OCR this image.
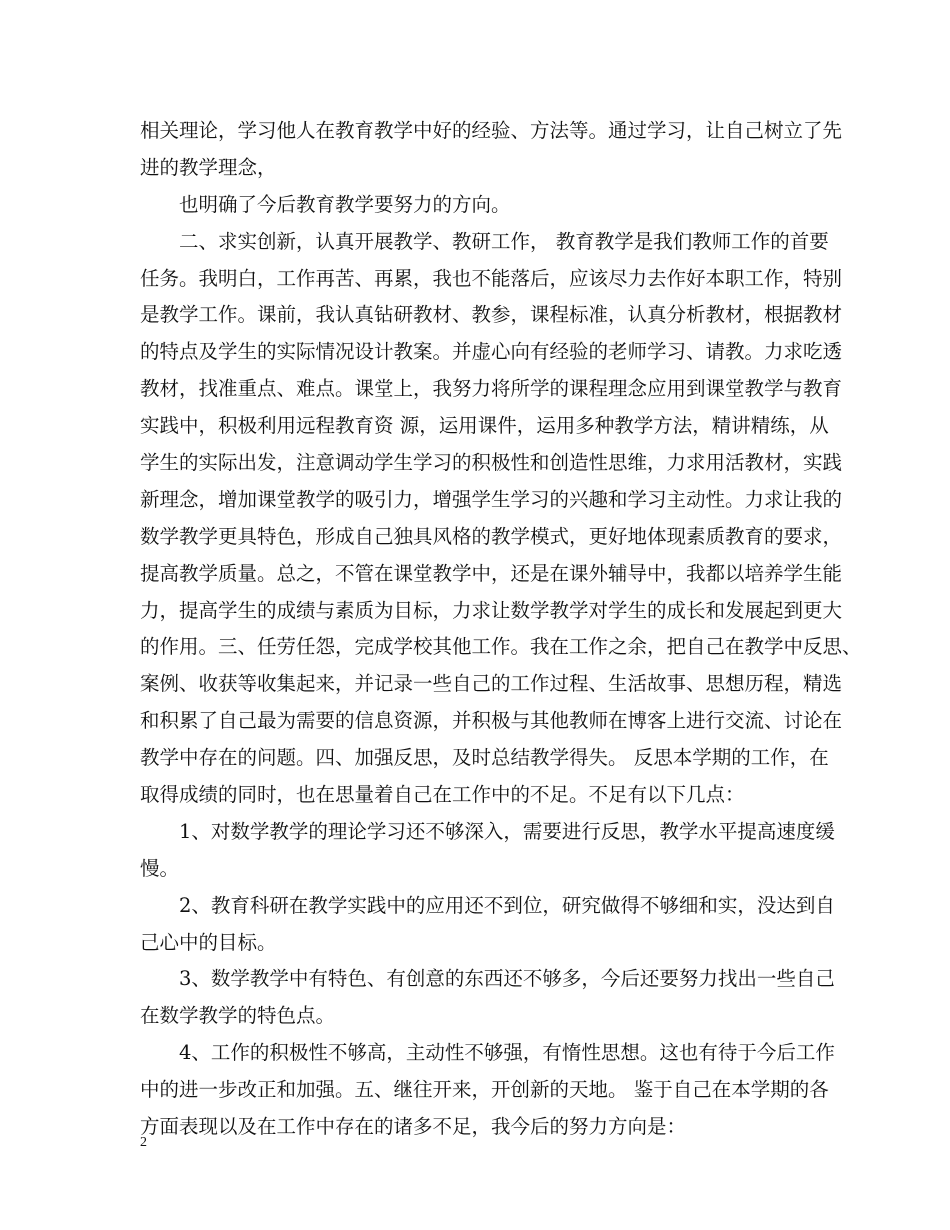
相关理论，学习他人在教育教学中好的经验、方法等。通过学习，让自己树立了先
进的教学理念，
也明确了今后教育教学要努力的方向。
二、求实创新，认真开展教学、教研工作， 教育教学是我们教师工作的首要
任务。我明白，工作再苦、再累，我也不能落后，应该尽力去作好本职工作，特别
是教学工作。课前，我认真钻研教材、教参，课程标准，认真分析教材，根据教材
的特点及学生的实际情况设计教案。并虚心向有经验的老师学习、请教。力求吃透
教材，找准重点、难点。课堂上，我努力将所学的课程理念应用到课堂教学与教育
实践中，积极利用远程教育资 源，运用课件，运用多种教学方法，精讲精练，从
学生的实际出发，注意调动学生学习的积极性和创造性思维，力求用活教材，实践
新理念，增加课堂教学的吸引力，增强学生学习的兴趣和学习主动性。力求让我的
数学教学更具特色，形成自己独具风格的教学模式，更好地体现素质教育的要求，
提高教学质量。总之，不管在课堂教学中，还是在课外辅导中，我都以培养学生能
力，提高学生的成绩与素质为目标，力求让数学教学对学生的成长和发展起到更大
的作用。三、任劳任怨，完成学校其他工作。我在工作之余，把自己在教学中反思、
案例、收获等收集起来，并记录一些自己的工作过程、生活故事、思想历程，精选
和积累了自己最为需要的信息资源，并积极与其他教师在博客上进行交流、讨论在
教学中存在的问题。四、加强反思，及时总结教学得失。 反思本学期的工作，在
取得成绩的同时，也在思量着自己在工作中的不足。不足有以下几点：
1、对数学教学的理论学习还不够深入，需要进行反思，教学水平提高速度缓
慢。
2、教育科研在教学实践中的应用还不到位，研究做得不够细和实，没达到自
己心中的目标。
3、数学教学中有特色、有创意的东西还不够多，今后还要努力找出一些自己
在数学教学的特色点。
4、工作的积极性不够高，主动性不够强，有惰性思想。这也有待于今后工作
中的进一步改正和加强。五、继往开来，开创新的天地。 鉴于自己在本学期的各
方面表现以及在工作中存在的诸多不足，我今后的努力方向是：
2
